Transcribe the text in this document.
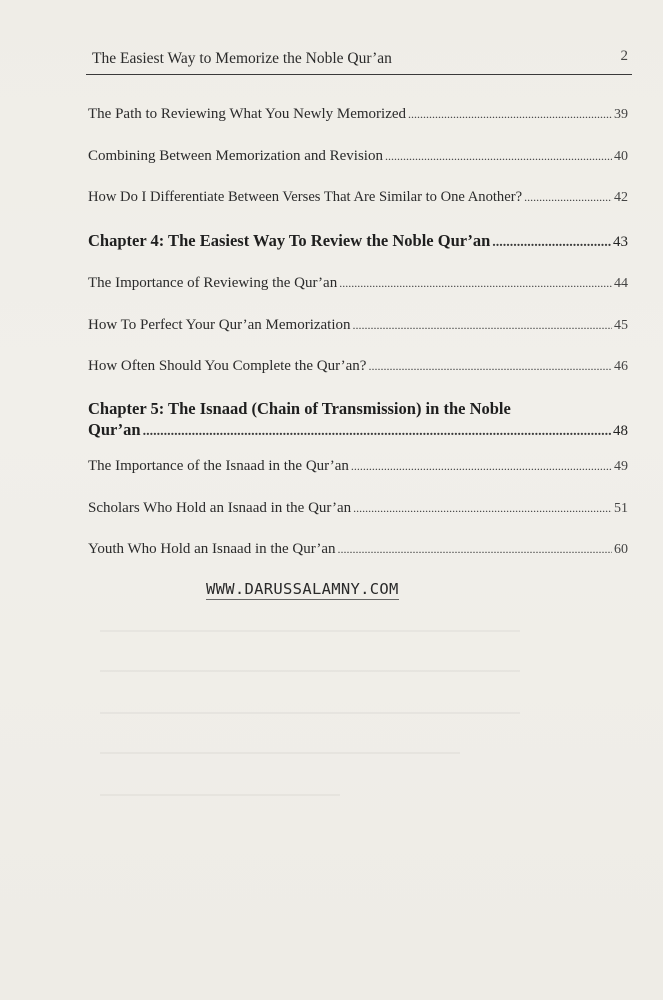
The Easiest Way to Memorize the Noble Qur’an	2
The Path to Reviewing What You Newly Memorized .....	39
Combining Between Memorization and Revision .....	40
How Do I Differentiate Between Verses That Are Similar to One Another? .....	42
Chapter 4: The Easiest Way To Review the Noble Qur’an .....	43
The Importance of Reviewing the Qur’an .....	44
How To Perfect Your Qur’an Memorization .....	45
How Often Should You Complete the Qur’an? .....	46
Chapter 5: The Isnaad (Chain of Transmission) in the Noble
Qur’an .....	48
The Importance of the Isnaad in the Qur’an .....	49
Scholars Who Hold an Isnaad in the Qur’an .....	51
Youth Who Hold an Isnaad in the Qur’an .....	60
WWW.DARUSSALAMNY.COM
